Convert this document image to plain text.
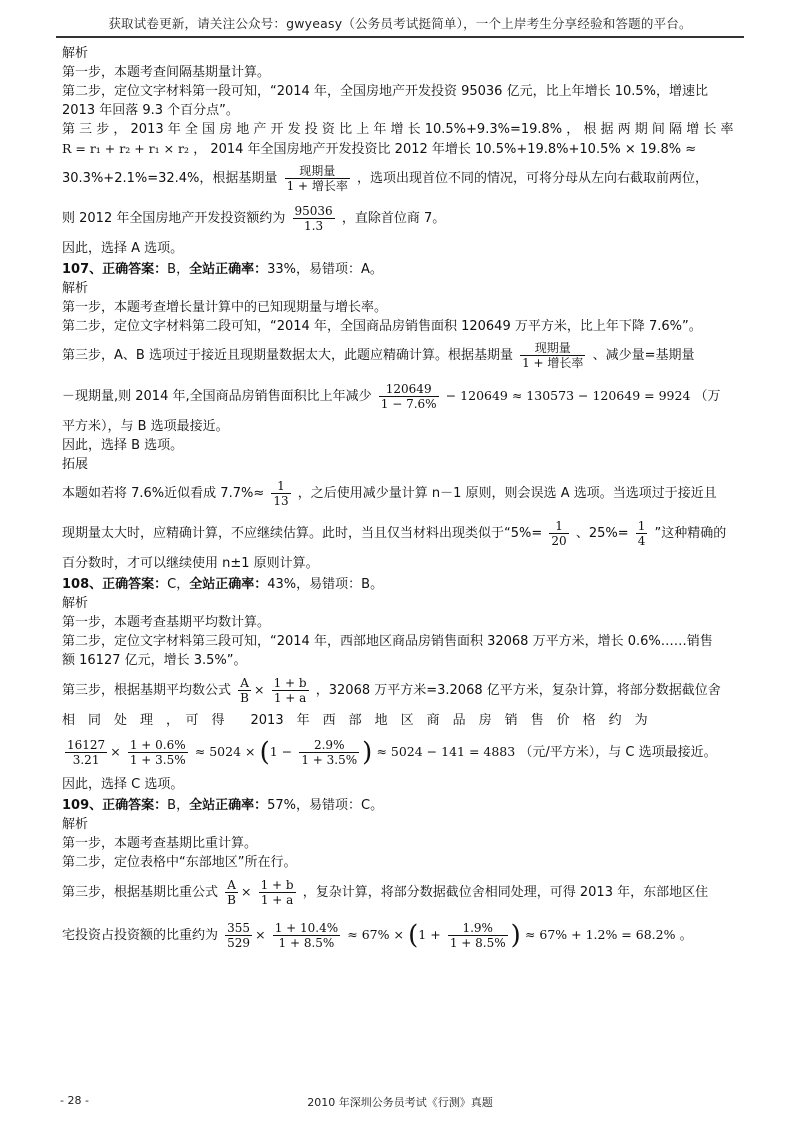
获取试卷更新，请关注公众号：gwyeasy（公务员考试挺简单），一个上岸考生分享经验和答题的平台。

解析

第一步，本题考查间隔基期量计算。

第二步，定位文字材料第一段可知，“2014 年，全国房地产开发投资 95036 亿元，比上年增长 10.5%，增速比

2013 年回落 9.3 个百分点”。

第 三 步 ， 2013 年 全 国 房 地 产 开 发 投 资 比 上 年 增 长 10.5%+9.3%=19.8% ， 根 据 两 期 间 隔 增 长 率

R = r₁ + r₂ + r₁ × r₂ ， 2014 年全国房地产开发投资比 2012 年增长 10.5%+19.8%+10.5% × 19.8% ≈

30.3%+2.1%=32.4%，根据基期量	现期量
1 + 增长率 ，选项出现首位不同的情况，可将分母从左向右截取前两位，

则 2012 年全国房地产开发投资额约为 $\frac{95036}{1.3}$ ，直除首位商 7。

因此，选择 A 选项。

107、正确答案：B，全站正确率：33%，易错项：A。

解析

第一步，本题考查增长量计算中的已知现期量与增长率。

第二步，定位文字材料第二段可知，“2014 年，全国商品房销售面积 120649 万平方米，比上年下降 7.6%”。

第三步，A、B 选项过于接近且现期量数据太大，此题应精确计算。根据基期量	现期量
1 + 增长率 、减少量=基期量

－现期量,则 2014 年,全国商品房销售面积比上年减少 $\frac{120649}{1 - 7.6\%} - 120649 \approx 130573 - 120649 = 9924$ （万

平方米），与 B 选项最接近。

因此，选择 B 选项。

拓展

本题如若将 7.6%近似看成 $7.7\%\approx \frac{1}{13}$ ，之后使用减少量计算 n－1 原则，则会误选 A 选项。当选项过于接近且

现期量太大时，应精确计算，不应继续估算。此时，当且仅当材料出现类似于“$5\%= \frac{1}{20}$ 、$25\%= \frac{1}{4}$ ”这种精确的

百分数时，才可以继续使用 n±1 原则计算。

108、正确答案：C，全站正确率：43%，易错项：B。

解析

第一步，本题考查基期平均数计算。

第二步，定位文字材料第三段可知，“2014 年，西部地区商品房销售面积 32068 万平方米，增长 0.6%……销售

额 16127 亿元，增长 3.5%”。

第三步，根据基期平均数公式 $\frac{A}{B} \times \frac{1 + b}{1 + a}$ ，32068 万平方米=3.2068 亿平方米，复杂计算，将部分数据截位舍

相　同　处　理　，　可　得　　2013　年　西　部　地　区　商　品　房　销　售　价　格　约　为

$\frac{16127}{3.21} \times \frac{1 + 0.6\%}{1 + 3.5\%} \approx 5024 \times (1 - \frac{2.9\%}{1 + 3.5\%}$ ) ≈ 5024 − 141 = 4883 （元/平方米），与 C 选项最接近。

因此，选择 C 选项。

109、正确答案：B，全站正确率：57%，易错项：C。

解析

第一步，本题考查基期比重计算。

第二步，定位表格中“东部地区”所在行。

第三步，根据基期比重公式 $\frac{A}{B} \times \frac{1 + b}{1 + a}$ ，复杂计算，将部分数据截位舍相同处理，可得 2013 年，东部地区住

宅投资占投资额的比重约为 $\frac{355}{529} \times \frac{1 + 10.4\%}{1 + 8.5\%} \approx 67\% \times (1 + \frac{1.9\%}{1 + 8.5\%}$ ) ≈ 67% + 1.2% = 68.2% 。

- 28 -	2010 年深圳公务员考试《行测》真题
